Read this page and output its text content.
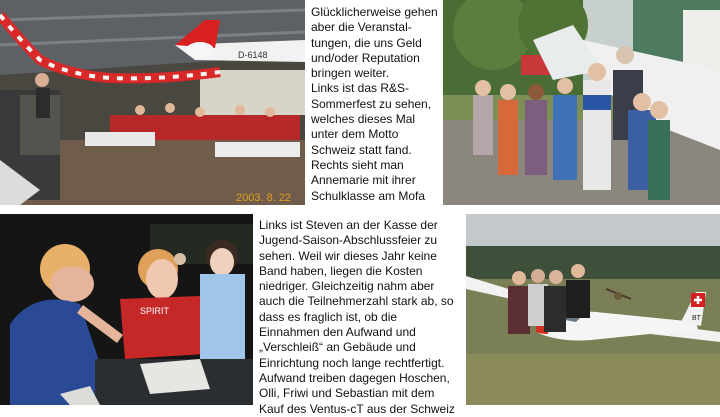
D-6148
2003. 8. 22

Glücklicherweise gehen
aber die Veranstal-
tungen, die uns Geld
und/oder Reputation
bringen weiter.
Links ist das R&S-
Sommerfest zu sehen,
welches dieses Mal
unter dem Motto
Schweiz statt fand.
Rechts sieht man
Annemarie mit ihrer
Schulklasse am Mofa

SPIRIT

Links ist Steven an der Kasse der
Jugend-Saison-Abschlussfeier zu
sehen. Weil wir dieses Jahr keine
Band haben, liegen die Kosten
niedriger. Gleichzeitig nahm aber
auch die Teilnehmerzahl stark ab, so
dass es fraglich ist, ob die
Einnahmen den Aufwand und
„Verschleiß“ an Gebäude und
Einrichtung noch lange rechtfertigt.
Aufwand treiben dagegen Hoschen,
Olli, Friwi und Sebastian mit dem
Kauf des Ventus-cT aus der Schweiz

BT
